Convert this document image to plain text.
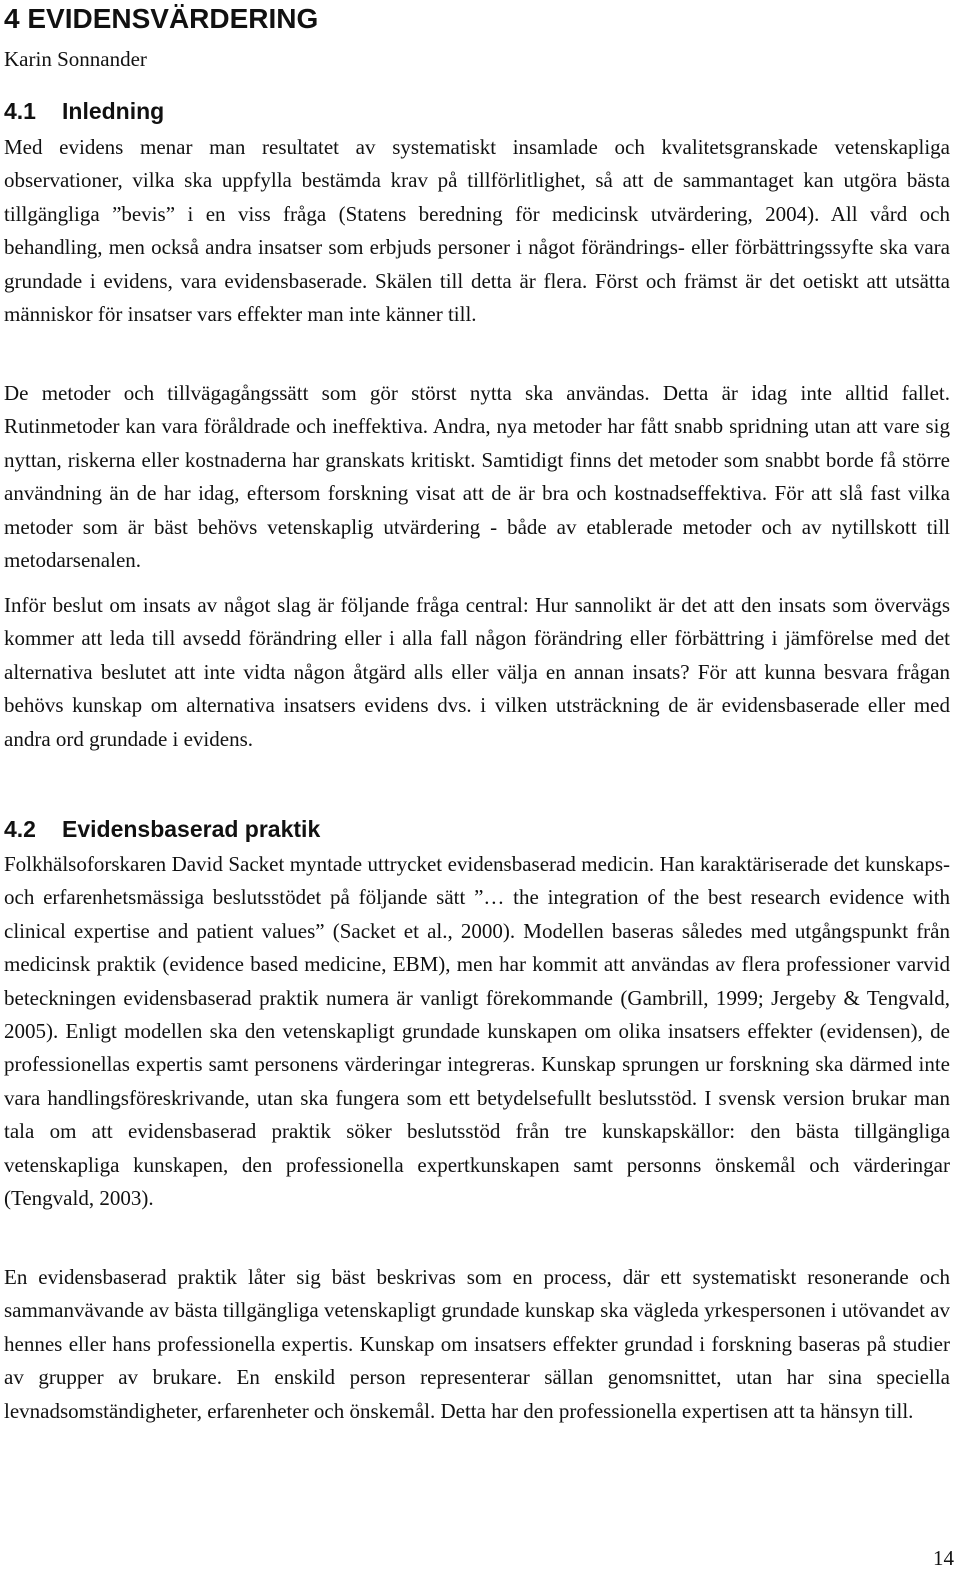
4 EVIDENSVÄRDERING

Karin Sonnander

4.1 Inledning

Med evidens menar man resultatet av systematiskt insamlade och kvalitetsgranskade vetenskapliga observationer, vilka ska uppfylla bestämda krav på tillförlitlighet, så att de sammantaget kan utgöra bästa tillgängliga ”bevis” i en viss fråga (Statens beredning för medicinsk utvärdering, 2004). All vård och behandling, men också andra insatser som erbjuds personer i något förändrings- eller förbättringssyfte ska vara grundade i evidens, vara evidensbaserade. Skälen till detta är flera. Först och främst är det oetiskt att utsätta människor för insatser vars effekter man inte känner till.

De metoder och tillvägagångssätt som gör störst nytta ska användas. Detta är idag inte alltid fallet. Rutinmetoder kan vara föråldrade och ineffektiva. Andra, nya metoder har fått snabb spridning utan att vare sig nyttan, riskerna eller kostnaderna har granskats kritiskt. Samtidigt finns det metoder som snabbt borde få större användning än de har idag, eftersom forskning visat att de är bra och kostnadseffektiva. För att slå fast vilka metoder som är bäst behövs vetenskaplig utvärdering - både av etablerade metoder och av nytillskott till metodarsenalen.

Inför beslut om insats av något slag är följande fråga central: Hur sannolikt är det att den insats som övervägs kommer att leda till avsedd förändring eller i alla fall någon förändring eller förbättring i jämförelse med det alternativa beslutet att inte vidta någon åtgärd alls eller välja en annan insats? För att kunna besvara frågan behövs kunskap om alternativa insatsers evidens dvs. i vilken utsträckning de är evidensbaserade eller med andra ord grundade i evidens.

4.2 Evidensbaserad praktik

Folkhälsoforskaren David Sacket myntade uttrycket evidensbaserad medicin. Han karaktäriserade det kunskaps- och erfarenhetsmässiga beslutsstödet på följande sätt ”… the integration of the best research evidence with clinical expertise and patient values” (Sacket et al., 2000). Modellen baseras således med utgångspunkt från medicinsk praktik (evidence based medicine, EBM), men har kommit att användas av flera professioner varvid beteckningen evidensbaserad praktik numera är vanligt förekommande (Gambrill, 1999; Jergeby & Tengvald, 2005). Enligt modellen ska den vetenskapligt grundade kunskapen om olika insatsers effekter (evidensen), de professionellas expertis samt personens värderingar integreras. Kunskap sprungen ur forskning ska därmed inte vara handlingsföreskrivande, utan ska fungera som ett betydelsefullt beslutsstöd. I svensk version brukar man tala om att evidensbaserad praktik söker beslutsstöd från tre kunskapskällor: den bästa tillgängliga vetenskapliga kunskapen, den professionella expertkunskapen samt personns önskemål och värderingar (Tengvald, 2003).

En evidensbaserad praktik låter sig bäst beskrivas som en process, där ett systematiskt resonerande och sammanvävande av bästa tillgängliga vetenskapligt grundade kunskap ska vägleda yrkespersonen i utövandet av hennes eller hans professionella expertis. Kunskap om insatsers effekter grundad i forskning baseras på studier av grupper av brukare. En enskild person representerar sällan genomsnittet, utan har sina speciella levnadsomständigheter, erfarenheter och önskemål. Detta har den professionella expertisen att ta hänsyn till.

14
